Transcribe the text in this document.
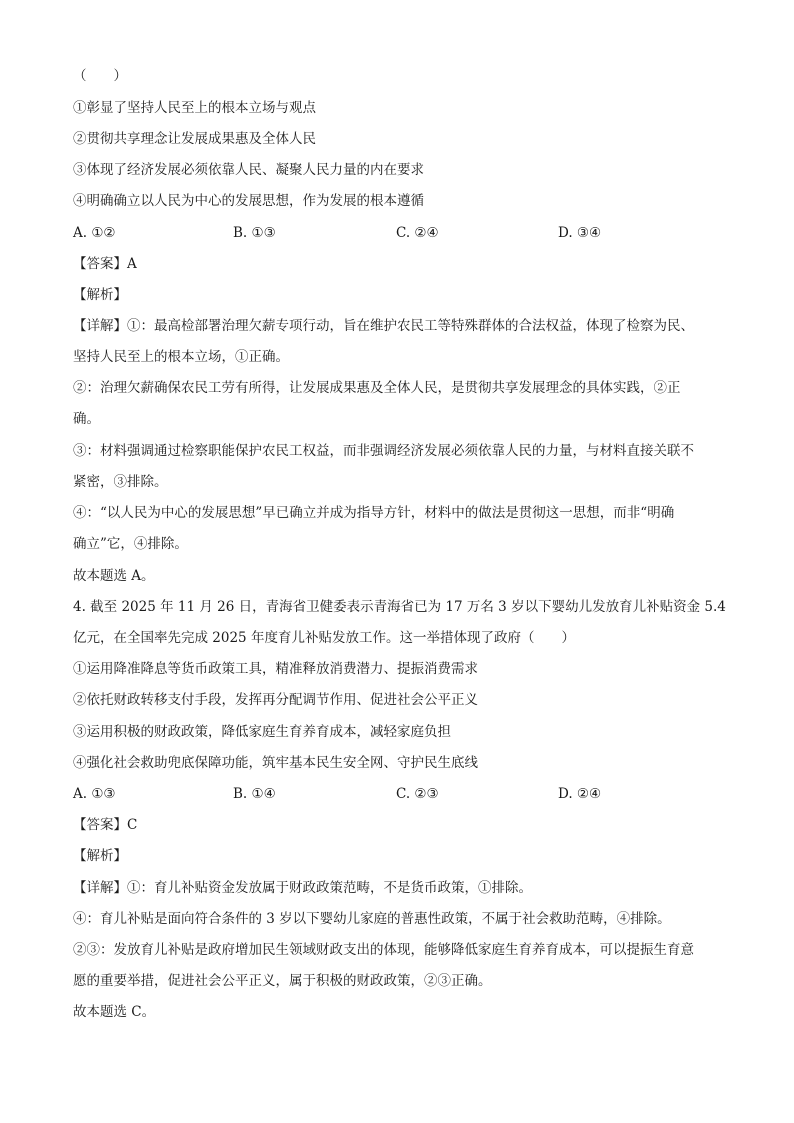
（　　）
①彰显了坚持人民至上的根本立场与观点
②贯彻共享理念让发展成果惠及全体人民
③体现了经济发展必须依靠人民、凝聚人民力量的内在要求
④明确确立以人民为中心的发展思想，作为发展的根本遵循
A. ①②	B. ①③	C. ②④	D. ③④
【答案】A
【解析】
【详解】①：最高检部署治理欠薪专项行动，旨在维护农民工等特殊群体的合法权益，体现了检察为民、
坚持人民至上的根本立场，①正确。
②：治理欠薪确保农民工劳有所得，让发展成果惠及全体人民，是贯彻共享发展理念的具体实践，②正
确。
③：材料强调通过检察职能保护农民工权益，而非强调经济发展必须依靠人民的力量，与材料直接关联不
紧密，③排除。
④：“以人民为中心的发展思想”早已确立并成为指导方针，材料中的做法是贯彻这一思想，而非“明确
确立”它，④排除。
故本题选 A。
4. 截至 2025 年 11 月 26 日，青海省卫健委表示青海省已为 17 万名 3 岁以下婴幼儿发放育儿补贴资金 5.4
亿元，在全国率先完成 2025 年度育儿补贴发放工作。这一举措体现了政府（　　）
①运用降准降息等货币政策工具，精准释放消费潜力、提振消费需求
②依托财政转移支付手段，发挥再分配调节作用、促进社会公平正义
③运用积极的财政政策，降低家庭生育养育成本，减轻家庭负担
④强化社会救助兜底保障功能，筑牢基本民生安全网、守护民生底线
A. ①③	B. ①④	C. ②③	D. ②④
【答案】C
【解析】
【详解】①：育儿补贴资金发放属于财政政策范畴，不是货币政策，①排除。
④：育儿补贴是面向符合条件的 3 岁以下婴幼儿家庭的普惠性政策，不属于社会救助范畴，④排除。
②③：发放育儿补贴是政府增加民生领域财政支出的体现，能够降低家庭生育养育成本，可以提振生育意
愿的重要举措，促进社会公平正义，属于积极的财政政策，②③正确。
故本题选 C。
